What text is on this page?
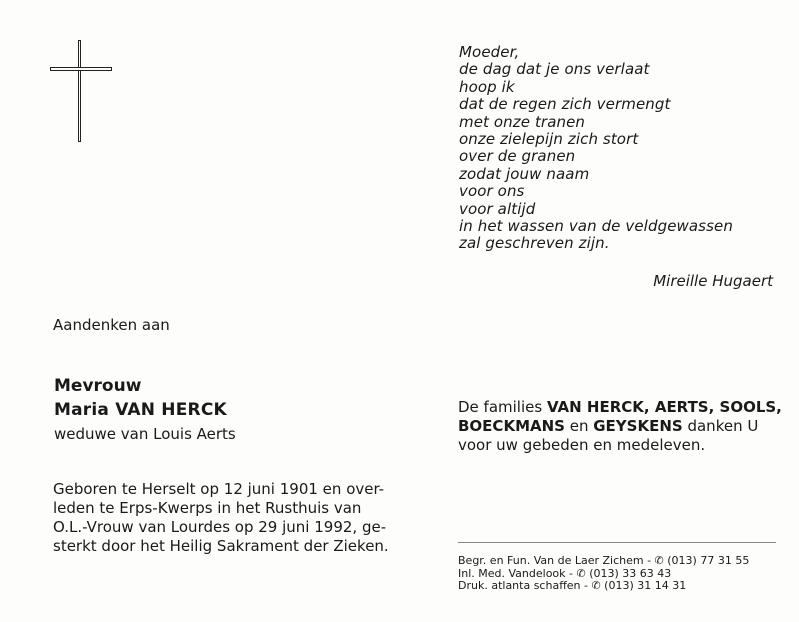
Moeder,
de dag dat je ons verlaat
hoop ik
dat de regen zich vermengt
met onze tranen
onze zielepijn zich stort
over de granen
zodat jouw naam
voor ons
voor altijd
in het wassen van de veldgewassen
zal geschreven zijn.
Mireille Hugaert
Aandenken aan
Mevrouw
Maria VAN HERCK
weduwe van Louis Aerts
Geboren te Herselt op 12 juni 1901 en over-
leden te Erps-Kwerps in het Rusthuis van
O.L.-Vrouw van Lourdes op 29 juni 1992, ge-
sterkt door het Heilig Sakrament der Zieken.
De families VAN HERCK, AERTS, SOOLS,
BOECKMANS en GEYSKENS danken U
voor uw gebeden en medeleven.
Begr. en Fun. Van de Laer Zichem - ✆ (013) 77 31 55
Inl. Med. Vandelook - ✆ (013) 33 63 43
Druk. atlanta schaffen - ✆ (013) 31 14 31
